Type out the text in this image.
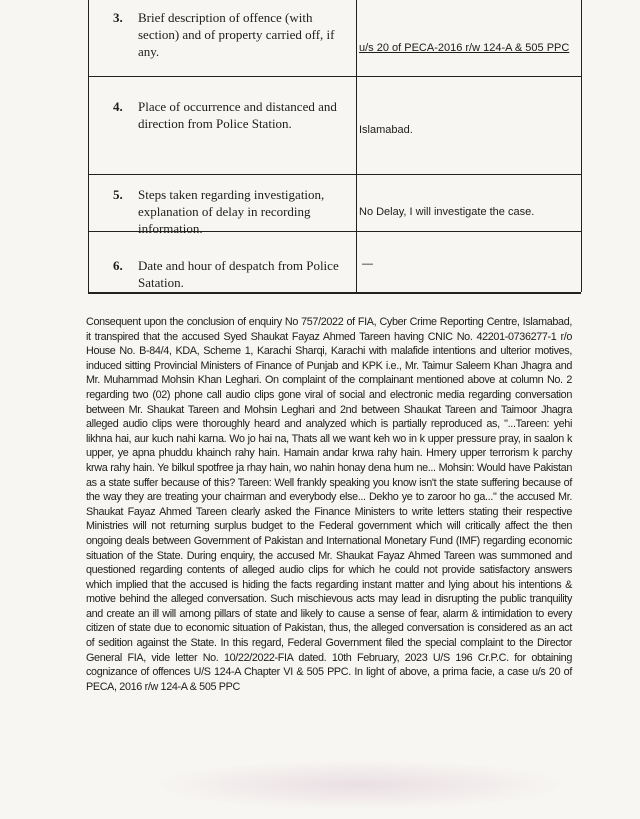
3. Brief description of offence (with section) and of property carried off, if any.	u/s 20 of PECA-2016 r/w 124-A & 505 PPC
4. Place of occurrence and distanced and direction from Police Station.	Islamabad.
5. Steps taken regarding investigation, explanation of delay in recording information.
No Delay, I will investigate the case.
6. Date and hour of despatch from Police Satation.
—

Consequent upon the conclusion of enquiry No 757/2022 of FIA, Cyber Crime Reporting Centre, Islamabad, it transpired that the accused Syed Shaukat Fayaz Ahmed Tareen having CNIC No. 42201-0736277-1 r/o House No. B-84/4, KDA, Scheme 1, Karachi Sharqi, Karachi with malafide intentions and ulterior motives, induced sitting Provincial Ministers of Finance of Punjab and KPK i.e., Mr. Taimur Saleem Khan Jhagra and Mr. Muhammad Mohsin Khan Leghari. On complaint of the complainant mentioned above at column No. 2 regarding two (02) phone call audio clips gone viral of social and electronic media regarding conversation between Mr. Shaukat Tareen and Mohsin Leghari and 2nd between Shaukat Tareen and Taimoor Jhagra alleged audio clips were thoroughly heard and analyzed which is partially reproduced as, "...Tareen: yehi likhna hai, aur kuch nahi karna. Wo jo hai na, Thats all we want keh wo in k upper pressure pray, in saalon k upper, ye apna phuddu khainch rahy hain. Hamain andar krwa rahy hain. Hmery upper terrorism k parchy krwa rahy hain. Ye bilkul spotfree ja rhay hain, wo nahin honay dena hum ne... Mohsin: Would have Pakistan as a state suffer because of this? Tareen: Well frankly speaking you know isn't the state suffering because of the way they are treating your chairman and everybody else... Dekho ye to zaroor ho ga..." the accused Mr. Shaukat Fayaz Ahmed Tareen clearly asked the Finance Ministers to write letters stating their respective Ministries will not returning surplus budget to the Federal government which will critically affect the then ongoing deals between Government of Pakistan and International Monetary Fund (IMF) regarding economic situation of the State. During enquiry, the accused Mr. Shaukat Fayaz Ahmed Tareen was summoned and questioned regarding contents of alleged audio clips for which he could not provide satisfactory answers which implied that the accused is hiding the facts regarding instant matter and lying about his intentions & motive behind the alleged conversation. Such mischievous acts may lead in disrupting the public tranquility and create an ill will among pillars of state and likely to cause a sense of fear, alarm & intimidation to every citizen of state due to economic situation of Pakistan, thus, the alleged conversation is considered as an act of sedition against the State. In this regard, Federal Government filed the special complaint to the Director General FIA, vide letter No. 10/22/2022-FIA dated. 10th February, 2023 U/S 196 Cr.P.C. for obtaining cognizance of offences U/S 124-A Chapter VI & 505 PPC. In light of above, a prima facie, a case u/s 20 of PECA, 2016 r/w 124-A & 505 PPC
